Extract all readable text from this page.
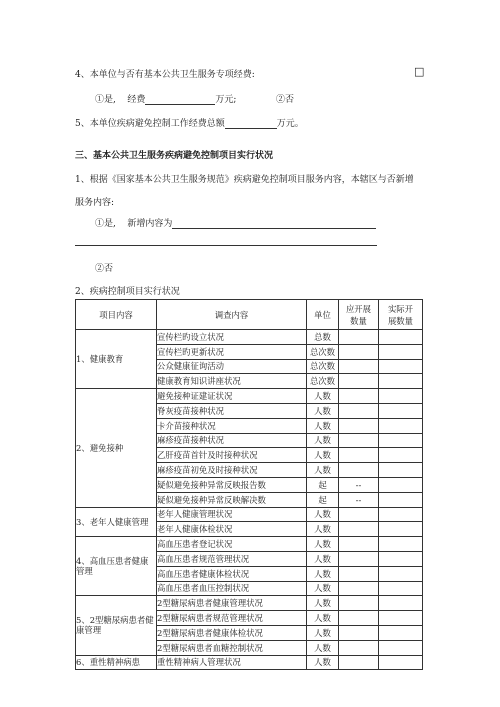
4、本单位与否有基本公共卫生服务专项经费:	□
①是, 经费	万元;	②否
5、本单位疾病避免控制工作经费总额	万元。
三、基本公共卫生服务疾病避免控制项目实行状况
1、根据《国家基本公共卫生服务规范》疾病避免控制项目服务内容，本辖区与否新增
服务内容:
①是, 新增内容为
②否
2、疾病控制项目实行状况
项目内容	调查内容	单位	应开展数量	实际开展数量
1、健康教育	宣传栏旳设立状况	总数		
	宣传栏旳更新状况	总次数		
	公众健康征询活动	总次数		
	健康教育知识讲座状况	总次数		
2、避免接种	避免接种证建证状况	人数		
	脊灰疫苗接种状况	人数		
	卡介苗接种状况	人数		
	麻疹疫苗接种状况	人数		
	乙肝疫苗首针及时接种状况	人数		
	麻疹疫苗初免及时接种状况	人数		
	疑似避免接种异常反映报告数	起	--	
	疑似避免接种异常反映解决数	起	--	
3、老年人健康管理	老年人健康管理状况	人数		
	老年人健康体检状况	人数		
4、高血压患者健康管理	高血压患者登记状况	人数		
	高血压患者规范管理状况	人数		
	高血压患者健康体检状况	人数		
	高血压患者血压控制状况	人数		
5、2型糖尿病患者健康管理	2型糖尿病患者健康管理状况	人数		
	2型糖尿病患者规范管理状况	人数		
	2型糖尿病患者健康体检状况	人数		
	2型糖尿病患者血糖控制状况	人数		
6、重性精神病患	重性精神病人管理状况	人数		
